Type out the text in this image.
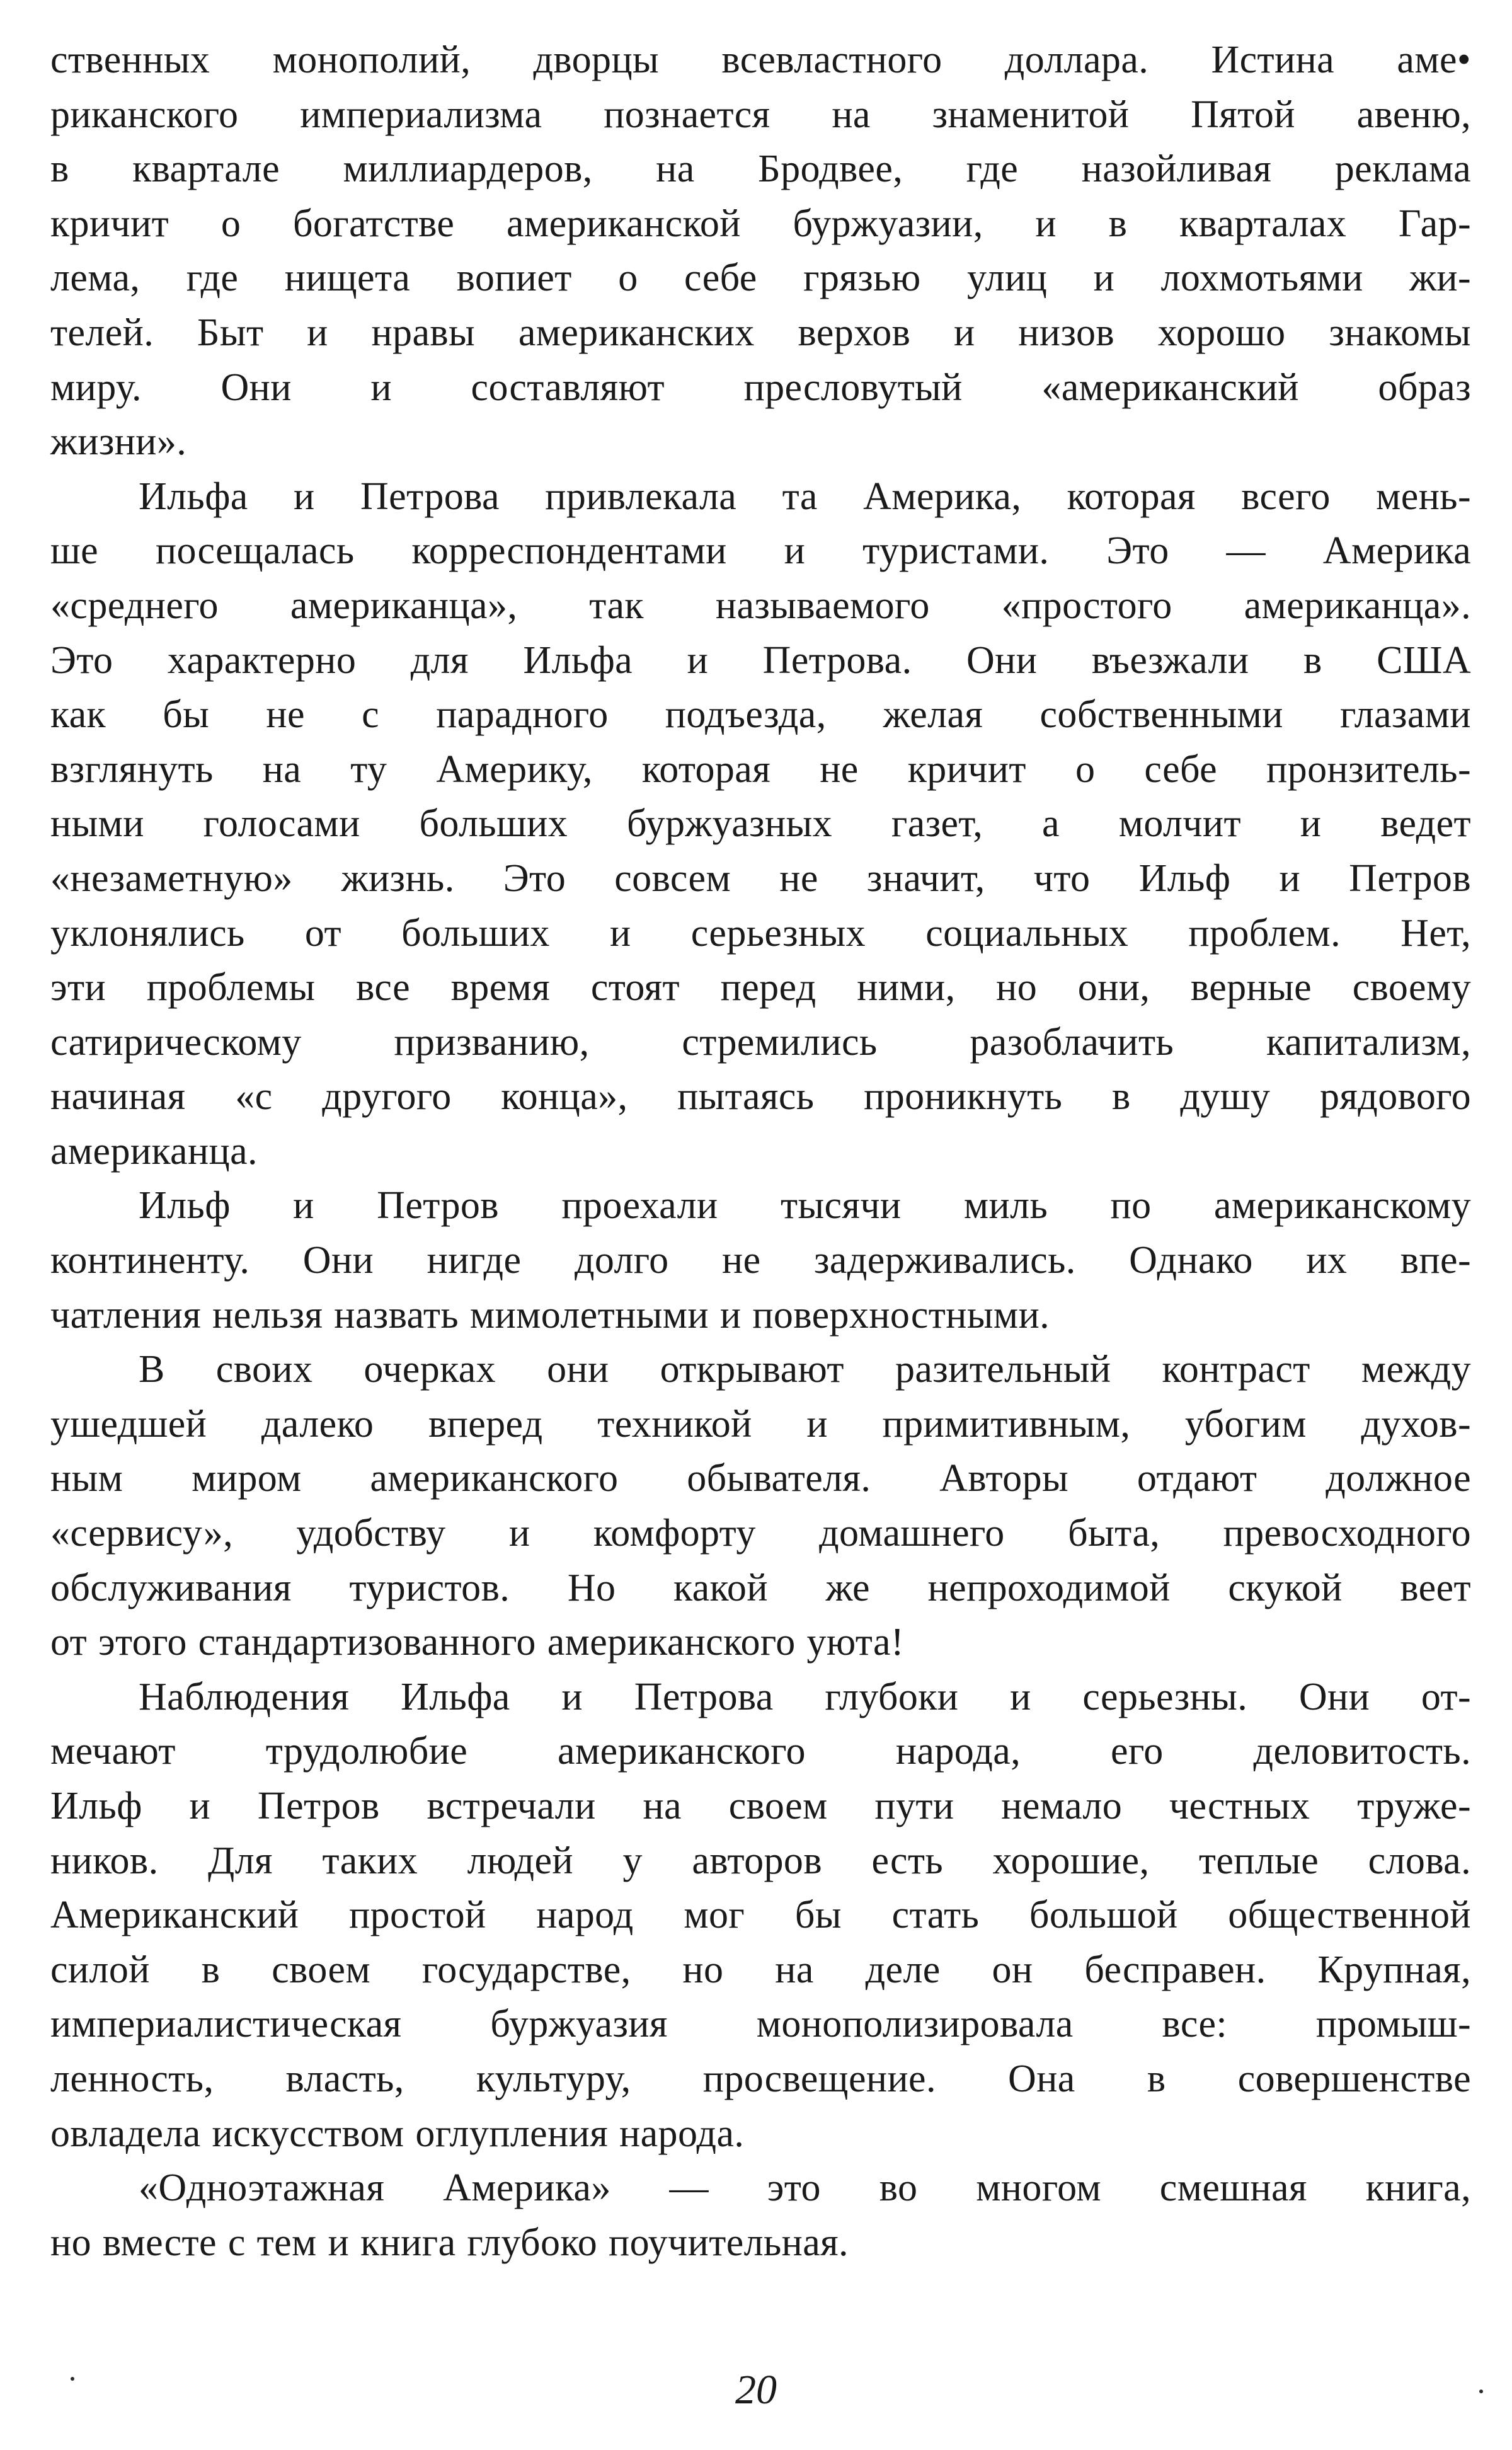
ственных монополий, дворцы всевластного доллара. Истина аме•
риканского империализма познается на знаменитой Пятой авеню,
в квартале миллиардеров, на Бродвее, где назойливая реклама
кричит о богатстве американской буржуазии, и в кварталах Гар-
лема, где нищета вопиет о себе грязью улиц и лохмотьями жи-
телей. Быт и нравы американских верхов и низов хорошо знакомы
миру. Они и составляют пресловутый «американский образ
жизни».

Ильфа и Петрова привлекала та Америка, которая всего мень-
ше посещалась корреспондентами и туристами. Это — Америка
«среднего американца», так называемого «простого американца».
Это характерно для Ильфа и Петрова. Они въезжали в США
как бы не с парадного подъезда, желая собственными глазами
взглянуть на ту Америку, которая не кричит о себе пронзитель-
ными голосами больших буржуазных газет, а молчит и ведет
«незаметную» жизнь. Это совсем не значит, что Ильф и Петров
уклонялись от больших и серьезных социальных проблем. Нет,
эти проблемы все время стоят перед ними, но они, верные своему
сатирическому призванию, стремились разоблачить капитализм,
начиная «с другого конца», пытаясь проникнуть в душу рядового
американца.

Ильф и Петров проехали тысячи миль по американскому
континенту. Они нигде долго не задерживались. Однако их впе-
чатления нельзя назвать мимолетными и поверхностными.

В своих очерках они открывают разительный контраст между
ушедшей далеко вперед техникой и примитивным, убогим духов-
ным миром американского обывателя. Авторы отдают должное
«сервису», удобству и комфорту домашнего быта, превосходного
обслуживания туристов. Но какой же непроходимой скукой веет
от этого стандартизованного американского уюта!

Наблюдения Ильфа и Петрова глубоки и серьезны. Они от-
мечают трудолюбие американского народа, его деловитость.
Ильф и Петров встречали на своем пути немало честных труже-
ников. Для таких людей у авторов есть хорошие, теплые слова.
Американский простой народ мог бы стать большой общественной
силой в своем государстве, но на деле он бесправен. Крупная,
империалистическая буржуазия монополизировала все: промыш-
ленность, власть, культуру, просвещение. Она в совершенстве
овладела искусством оглупления народа.

«Одноэтажная Америка» — это во многом смешная книга,
но вместе с тем и книга глубоко поучительная.

20
